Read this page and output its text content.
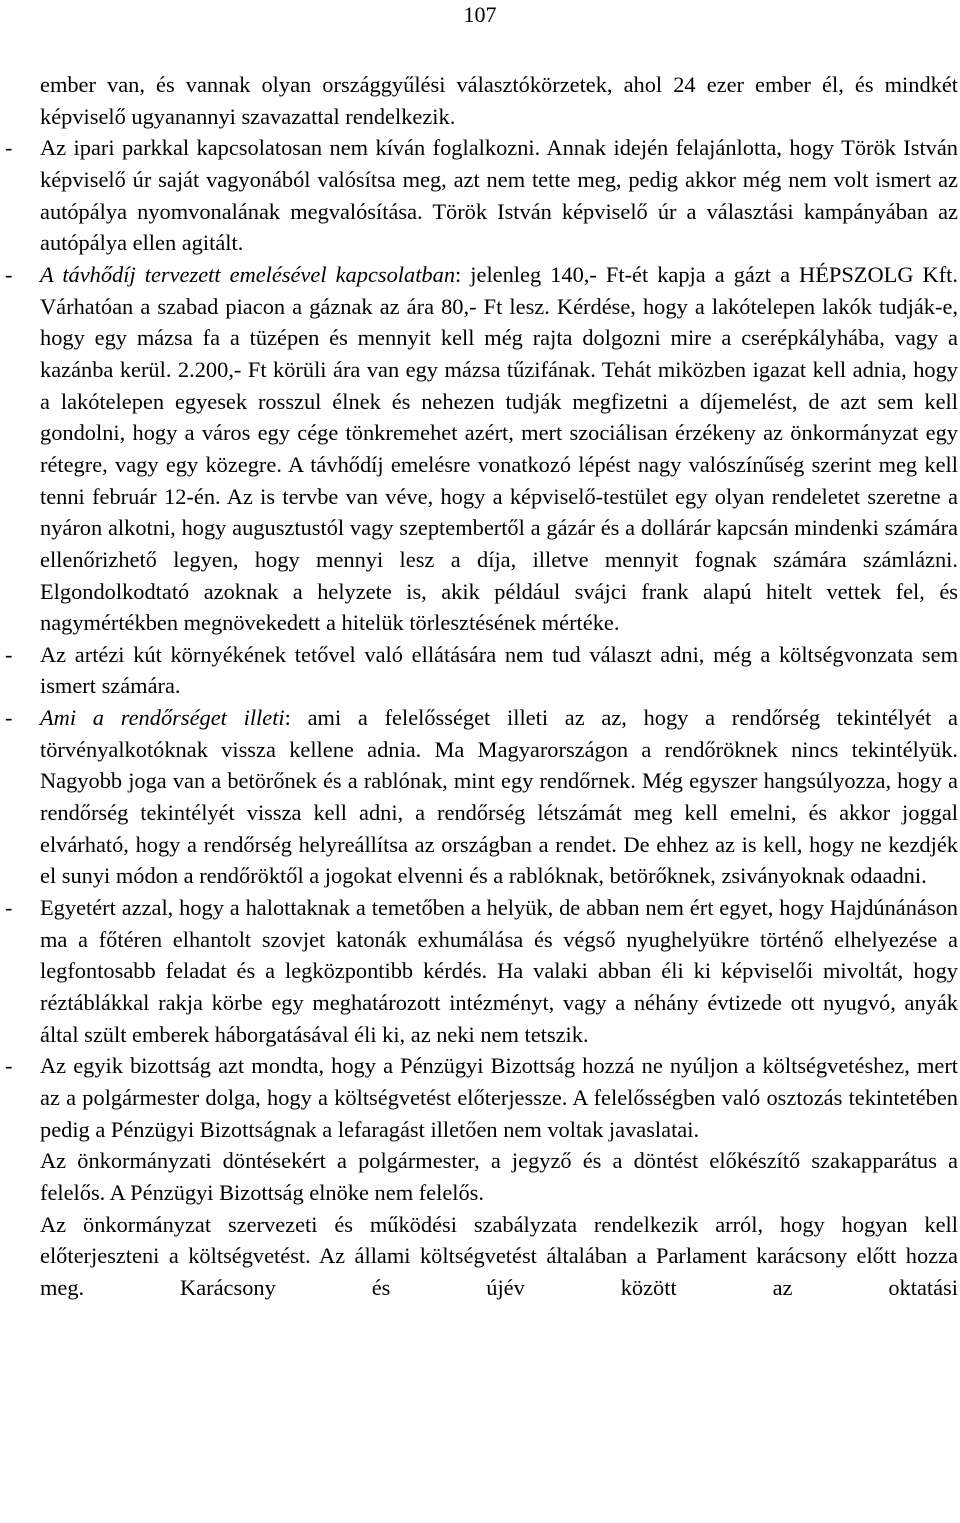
107
ember van, és vannak olyan országgyűlési választókörzetek, ahol 24 ezer ember él, és mindkét képviselő ugyanannyi szavazattal rendelkezik.
- Az ipari parkkal kapcsolatosan nem kíván foglalkozni. Annak idején felajánlotta, hogy Török István képviselő úr saját vagyonából valósítsa meg, azt nem tette meg, pedig akkor még nem volt ismert az autópálya nyomvonalának megvalósítása. Török István képviselő úr a választási kampányában az autópálya ellen agitált.
- A távhődíj tervezett emelésével kapcsolatban: jelenleg 140,- Ft-ét kapja a gázt a HÉPSZOLG Kft. Várhatóan a szabad piacon a gáznak az ára 80,- Ft lesz. Kérdése, hogy a lakótelepen lakók tudják-e, hogy egy mázsa fa a tüzépen és mennyit kell még rajta dolgozni mire a cserépkályhába, vagy a kazánba kerül. 2.200,- Ft körüli ára van egy mázsa tűzifának. Tehát miközben igazat kell adnia, hogy a lakótelepen egyesek rosszul élnek és nehezen tudják megfizetni a díjemelést, de azt sem kell gondolni, hogy a város egy cége tönkremehet azért, mert szociálisan érzékeny az önkormányzat egy rétegre, vagy egy közegre. A távhődíj emelésre vonatkozó lépést nagy valószínűség szerint meg kell tenni február 12-én. Az is tervbe van véve, hogy a képviselő-testület egy olyan rendeletet szeretne a nyáron alkotni, hogy augusztustól vagy szeptembertől a gázár és a dollárár kapcsán mindenki számára ellenőrizhető legyen, hogy mennyi lesz a díja, illetve mennyit fognak számára számlázni. Elgondolkodtató azoknak a helyzete is, akik például svájci frank alapú hitelt vettek fel, és nagymértékben megnövekedett a hitelük törlesztésének mértéke.
- Az artézi kút környékének tetővel való ellátására nem tud választ adni, még a költségvonzata sem ismert számára.
- Ami a rendőrséget illeti: ami a felelősséget illeti az az, hogy a rendőrség tekintélyét a törvényalkotóknak vissza kellene adnia. Ma Magyarországon a rendőröknek nincs tekintélyük. Nagyobb joga van a betörőnek és a rablónak, mint egy rendőrnek. Még egyszer hangsúlyozza, hogy a rendőrség tekintélyét vissza kell adni, a rendőrség létszámát meg kell emelni, és akkor joggal elvárható, hogy a rendőrség helyreállítsa az országban a rendet. De ehhez az is kell, hogy ne kezdjék el sunyi módon a rendőröktől a jogokat elvenni és a rablóknak, betörőknek, zsiványoknak odaadni.
- Egyetért azzal, hogy a halottaknak a temetőben a helyük, de abban nem ért egyet, hogy Hajdúnánáson ma a főtéren elhantolt szovjet katonák exhumálása és végső nyughelyükre történő elhelyezése a legfontosabb feladat és a legközpontibb kérdés. Ha valaki abban éli ki képviselői mivoltát, hogy réztáblákkal rakja körbe egy meghatározott intézményt, vagy a néhány évtizede ott nyugvó, anyák által szült emberek háborgatásával éli ki, az neki nem tetszik.
- Az egyik bizottság azt mondta, hogy a Pénzügyi Bizottság hozzá ne nyúljon a költségvetéshez, mert az a polgármester dolga, hogy a költségvetést előterjessze. A felelősségben való osztozás tekintetében pedig a Pénzügyi Bizottságnak a lefaragást illetően nem voltak javaslatai.
Az önkormányzati döntésekért a polgármester, a jegyző és a döntést előkészítő szakapparátus a felelős. A Pénzügyi Bizottság elnöke nem felelős.
Az önkormányzat szervezeti és működési szabályzata rendelkezik arról, hogy hogyan kell előterjeszteni a költségvetést. Az állami költségvetést általában a Parlament karácsony előtt hozza meg. Karácsony és újév között az oktatási
